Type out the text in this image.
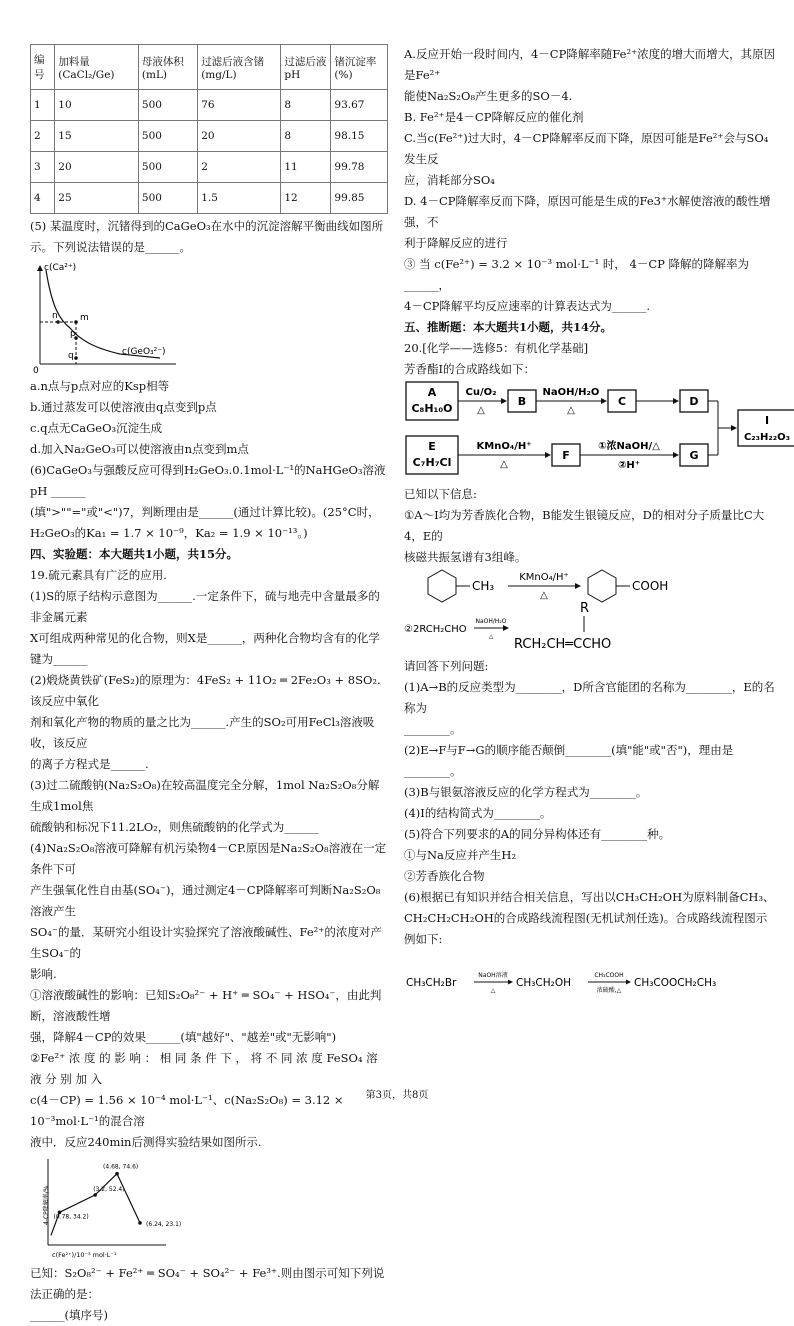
编号	加料量(CaCl₂/Ge)	母液体积(mL)	过滤后液含锗(mg/L)	过滤后液pH	锗沉淀率(%)
1	10	500	76	8	93.67
2	15	500	20	8	98.15
3	20	500	2	11	99.78
4	25	500	1.5	12	99.85

(5) 某温度时，沉锗得到的CaGeO₃在水中的沉淀溶解平衡曲线如图所示。下列说法错误的是______。

0
c(Ca²⁺)
c(GeO₃²⁻)
n m
p
q

a.n点与p点对应的Ksp相等

b.通过蒸发可以使溶液由q点变到p点

c.q点无CaGeO₃沉淀生成

d.加入Na₂GeO₃可以使溶液由n点变到m点

(6)CaGeO₃与强酸反应可得到H₂GeO₃.0.1mol·L⁻¹的NaHGeO₃溶液pH ______

(填">""="或"<")7，判断理由是______(通过计算比较)。(25°C时，

H₂GeO₃的Ka₁ = 1.7 × 10⁻⁹，Ka₂ = 1.9 × 10⁻¹³。)

四、实验题：本大题共1小题，共15分。

19.硫元素具有广泛的应用.

(1)S的原子结构示意图为______.一定条件下，硫与地壳中含量最多的非金属元素

X可组成两种常见的化合物，则X是______，两种化合物均含有的化学键为______

(2)煅烧黄铁矿(FeS₂)的原理为：4FeS₂ + 11O₂ ═ 2Fe₂O₃ + 8SO₂.该反应中氧化

剂和氧化产物的物质的量之比为______.产生的SO₂可用FeCl₃溶液吸收，该反应

的离子方程式是______.

(3)过二硫酸钠(Na₂S₂O₈)在较高温度完全分解，1mol Na₂S₂O₈分解生成1mol焦

硫酸钠和标况下11.2LO₂，则焦硫酸钠的化学式为______

(4)Na₂S₂O₈溶液可降解有机污染物4－CP.原因是Na₂S₂O₈溶液在一定条件下可

产生强氧化性自由基(SO₄⁻)，通过测定4－CP降解率可判断Na₂S₂O₈溶液产生

SO₄⁻的量．某研究小组设计实验探究了溶液酸碱性、Fe²⁺的浓度对产生SO₄⁻的

影响.

①溶液酸碱性的影响：已知S₂O₈²⁻ + H⁺ ═ SO₄⁻ + HSO₄⁻，由此判断，溶液酸性增

强，降解4－CP的效果______(填"越好"、"越差"或"无影响")

②Fe²⁺ 浓 度 的 影 响 ： 相 同 条 件 下 ， 将 不 同 浓 度 FeSO₄ 溶 液 分 别 加 入

c(4－CP) = 1.56 × 10⁻⁴ mol·L⁻¹、c(Na₂S₂O₈) = 3.12 × 10⁻³mol·L⁻¹的混合溶

液中．反应240min后测得实验结果如图所示.

4-CP降解率/%
c(Fe²⁺)/10⁻³ mol·L⁻¹
(0.78, 34.2)
(3.2, 52.4)
(4.68, 74.6)
(6.24, 23.1)

已知：S₂O₈²⁻ + Fe²⁺ ═ SO₄⁻ + SO₄²⁻ + Fe³⁺.则由图示可知下列说法正确的是：

______(填序号)

A.反应开始一段时间内，4－CP降解率随Fe²⁺浓度的增大而增大，其原因是Fe²⁺

能使Na₂S₂O₈产生更多的SO－4.

B. Fe²⁺是4－CP降解反应的催化剂

C.当c(Fe²⁺)过大时，4－CP降解率反而下降，原因可能是Fe²⁺会与SO₄发生反

应，消耗部分SO₄

D. 4－CP降解率反而下降，原因可能是生成的Fe3⁺水解使溶液的酸性增强，不

利于降解反应的进行

③ 当 c(Fe²⁺) = 3.2 × 10⁻³ mol·L⁻¹ 时， 4－CP 降解的降解率为______，

4－CP降解平均反应速率的计算表达式为______.

五、推断题：本大题共1小题，共14分。

20.[化学——选修5：有机化学基础]

芳香酯I的合成路线如下：

A
C₈H₁₀O
Cu/O₂
△
B
NaOH/H₂O
△
C	D
I
C₂₃H₂₂O₃
E
C₇H₇Cl
KMnO₄/H⁺
△
F
①浓NaOH/△
②H⁺
G

已知以下信息:

①A～I均为芳香族化合物，B能发生银镜反应，D的相对分子质量比C大4，E的

核磁共振氢谱有3组峰。

CH₃
KMnO₄/H⁺
△
COOH
②2RCH₂CHO
NaOH/H₂O
△
R
RCH₂CH═CCHO

请回答下列问题:

(1)A→B的反应类型为________，D所含官能团的名称为________，E的名称为

________。

(2)E→F与F→G的顺序能否颠倒________(填"能"或"否")，理由是

________。

(3)B与银氨溶液反应的化学方程式为________。

(4)I的结构简式为________。

(5)符合下列要求的A的同分异构体还有________种。

①与Na反应并产生H₂

②芳香族化合物

(6)根据已有知识并结合相关信息，写出以CH₃CH₂OH为原料制备CH₃、

CH₂CH₂CH₂OH的合成路线流程图(无机试剂任选)。合成路线流程图示例如下:

CH₃CH₂Br
NaOH溶液
△
CH₃CH₂OH
CH₃COOH
浓硫酸,△
CH₃COOCH₂CH₃
第3页，共8页
